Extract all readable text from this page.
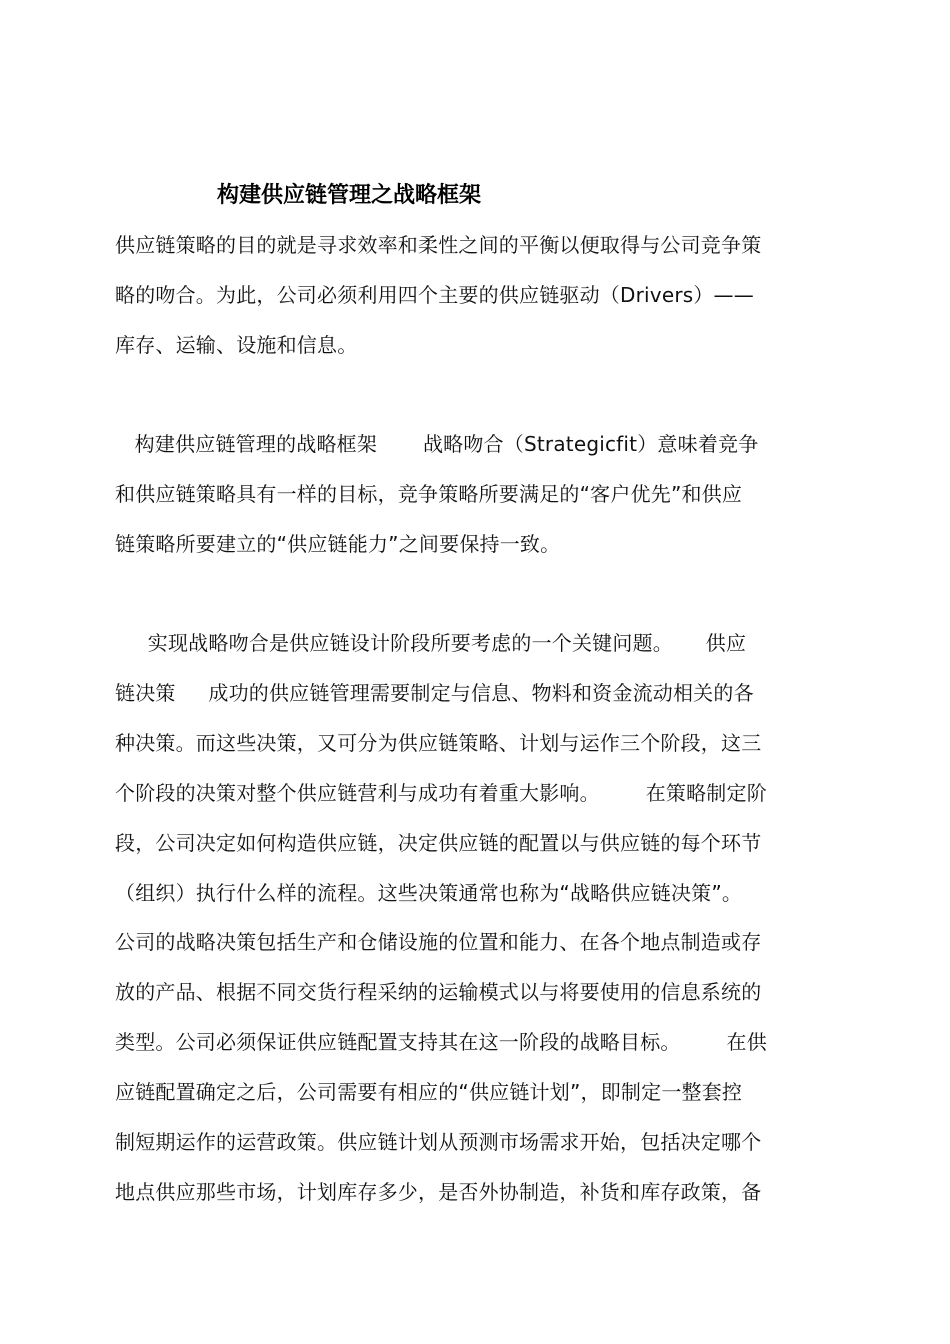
构建供应链管理之战略框架
供应链策略的目的就是寻求效率和柔性之间的平衡以便取得与公司竞争策
略的吻合。为此，公司必须利用四个主要的供应链驱动（Drivers）——
库存、运输、设施和信息。
构建供应链管理的战略框架       战略吻合（Strategicfit）意味着竞争
和供应链策略具有一样的目标，竞争策略所要满足的“客户优先”和供应
链策略所要建立的“供应链能力”之间要保持一致。
实现战略吻合是供应链设计阶段所要考虑的一个关键问题。     供应
链决策     成功的供应链管理需要制定与信息、物料和资金流动相关的各
种决策。而这些决策，又可分为供应链策略、计划与运作三个阶段，这三
个阶段的决策对整个供应链营利与成功有着重大影响。       在策略制定阶
段，公司决定如何构造供应链，决定供应链的配置以与供应链的每个环节
（组织）执行什么样的流程。这些决策通常也称为“战略供应链决策”。
公司的战略决策包括生产和仓储设施的位置和能力、在各个地点制造或存
放的产品、根据不同交货行程采纳的运输模式以与将要使用的信息系统的
类型。公司必须保证供应链配置支持其在这一阶段的战略目标。       在供
应链配置确定之后，公司需要有相应的“供应链计划”，即制定一整套控
制短期运作的运营政策。供应链计划从预测市场需求开始，包括决定哪个
地点供应那些市场，计划库存多少，是否外协制造，补货和库存政策，备
